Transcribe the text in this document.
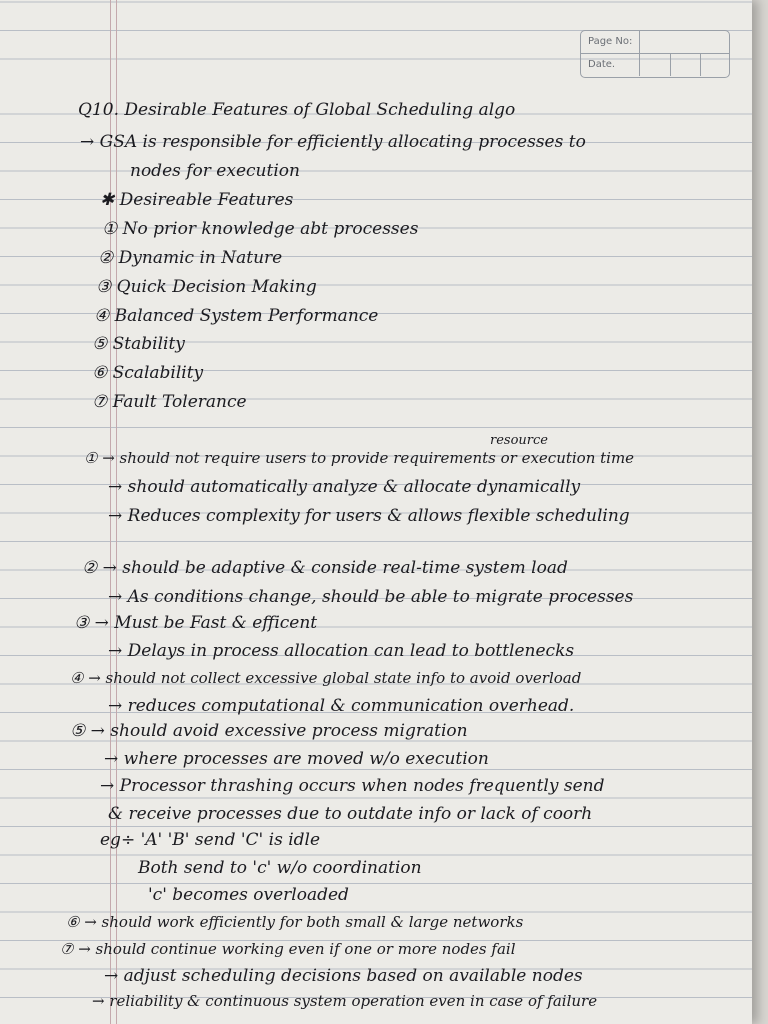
Page No:
Date.
Q10. Desirable Features of Global Scheduling algo
→ GSA is responsible for efficiently allocating processes to
nodes for execution
✱ Desireable Features
① No prior knowledge abt processes
② Dynamic in Nature
③ Quick Decision Making
④ Balanced System Performance
⑤ Stability
⑥ Scalability
⑦ Fault Tolerance
resource
① → should not require users to provide requirements or execution time
→ should automatically analyze & allocate dynamically
→ Reduces complexity for users & allows flexible scheduling
② → should be adaptive & conside real-time system load
→ As conditions change, should be able to migrate processes
③ → Must be Fast & efficent
→ Delays in process allocation can lead to bottlenecks
④ → should not collect excessive global state info to avoid overload
→ reduces computational & communication overhead.
⑤ → should avoid excessive process migration
→ where processes are moved w/o execution
→ Processor thrashing occurs when nodes frequently send
& receive processes due to outdate info or lack of coorh
eg÷ 'A' 'B' send 'C' is idle
Both send to 'c' w/o coordination
'c' becomes overloaded
⑥ → should work efficiently for both small & large networks
⑦ → should continue working even if one or more nodes fail
→ adjust scheduling decisions based on available nodes
→ reliability & continuous system operation even in case of failure
